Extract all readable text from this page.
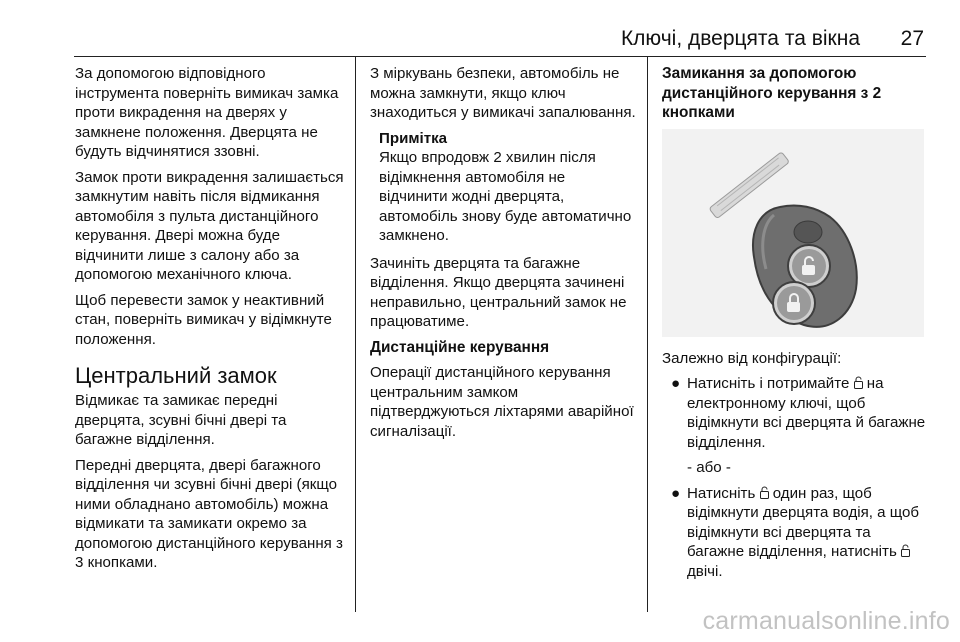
Ключі, дверцята та вікна 27

За допомогою відповідного інструмента поверніть вимикач замка проти викрадення на дверях у замкнене положення. Дверцята не будуть відчинятися ззовні.

Замок проти викрадення залишається замкнутим навіть після відмикання автомобіля з пульта дистанційного керування. Двері можна буде відчинити лише з салону або за допомогою механічного ключа.

Щоб перевести замок у неактивний стан, поверніть вимикач у відімкнуте положення.

Центральний замок

Відмикає та замикає передні дверцята, зсувні бічні двері та багажне відділення.

Передні дверцята, двері багажного відділення чи зсувні бічні двері (якщо ними обладнано автомобіль) можна відмикати та замикати окремо за допомогою дистанційного керування з 3 кнопками.

З міркувань безпеки, автомобіль не можна замкнути, якщо ключ знаходиться у вимикачі запалювання.

Примітка
Якщо впродовж 2 хвилин після відімкнення автомобіля не відчинити жодні дверцята, автомобіль знову буде автоматично замкнено.

Зачиніть дверцята та багажне відділення. Якщо дверцята зачинені неправильно, центральний замок не працюватиме.

Дистанційне керування

Операції дистанційного керування центральним замком підтверджуються ліхтарями аварійної сигналізації.

Замикання за допомогою дистанційного керування з 2 кнопками

Залежно від конфігурації:

● Натисніть і потримайте на електронному ключі, щоб відімкнути всі дверцята й багажне відділення.
- або -
● Натисніть один раз, щоб відімкнути дверцята водія, а щоб відімкнути всі дверцята та багажне відділення, натисніть  двічі.
carmanualsonline.info
